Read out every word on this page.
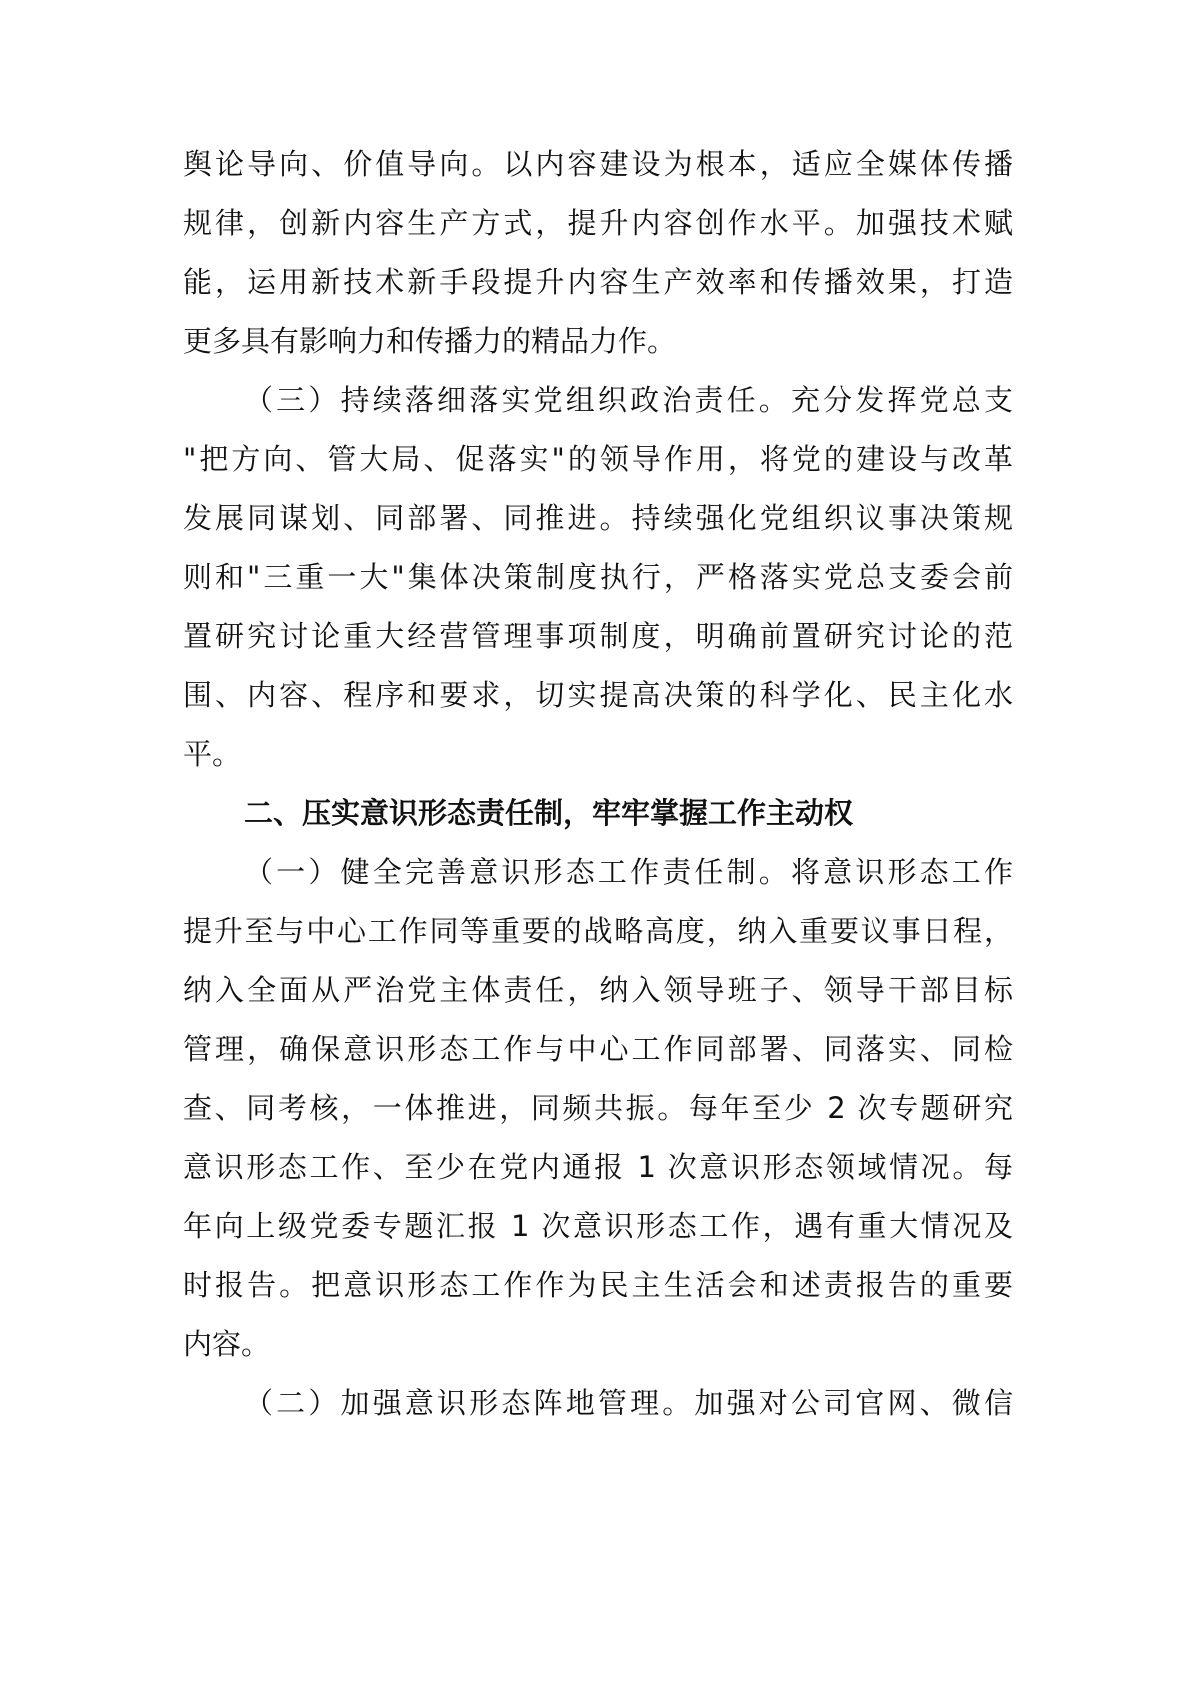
舆论导向、价值导向。以内容建设为根本，适应全媒体传播
规律，创新内容生产方式，提升内容创作水平。加强技术赋
能，运用新技术新手段提升内容生产效率和传播效果，打造
更多具有影响力和传播力的精品力作。
（三）持续落细落实党组织政治责任。充分发挥党总支
"把方向、管大局、促落实"的领导作用，将党的建设与改革
发展同谋划、同部署、同推进。持续强化党组织议事决策规
则和"三重一大"集体决策制度执行，严格落实党总支委会前
置研究讨论重大经营管理事项制度，明确前置研究讨论的范
围、内容、程序和要求，切实提高决策的科学化、民主化水
平。
二、压实意识形态责任制，牢牢掌握工作主动权
（一）健全完善意识形态工作责任制。将意识形态工作
提升至与中心工作同等重要的战略高度，纳入重要议事日程，
纳入全面从严治党主体责任，纳入领导班子、领导干部目标
管理，确保意识形态工作与中心工作同部署、同落实、同检
查、同考核，一体推进，同频共振。每年至少 2 次专题研究
意识形态工作、至少在党内通报 1 次意识形态领域情况。每
年向上级党委专题汇报 1 次意识形态工作，遇有重大情况及
时报告。把意识形态工作作为民主生活会和述责报告的重要
内容。
（二）加强意识形态阵地管理。加强对公司官网、微信
